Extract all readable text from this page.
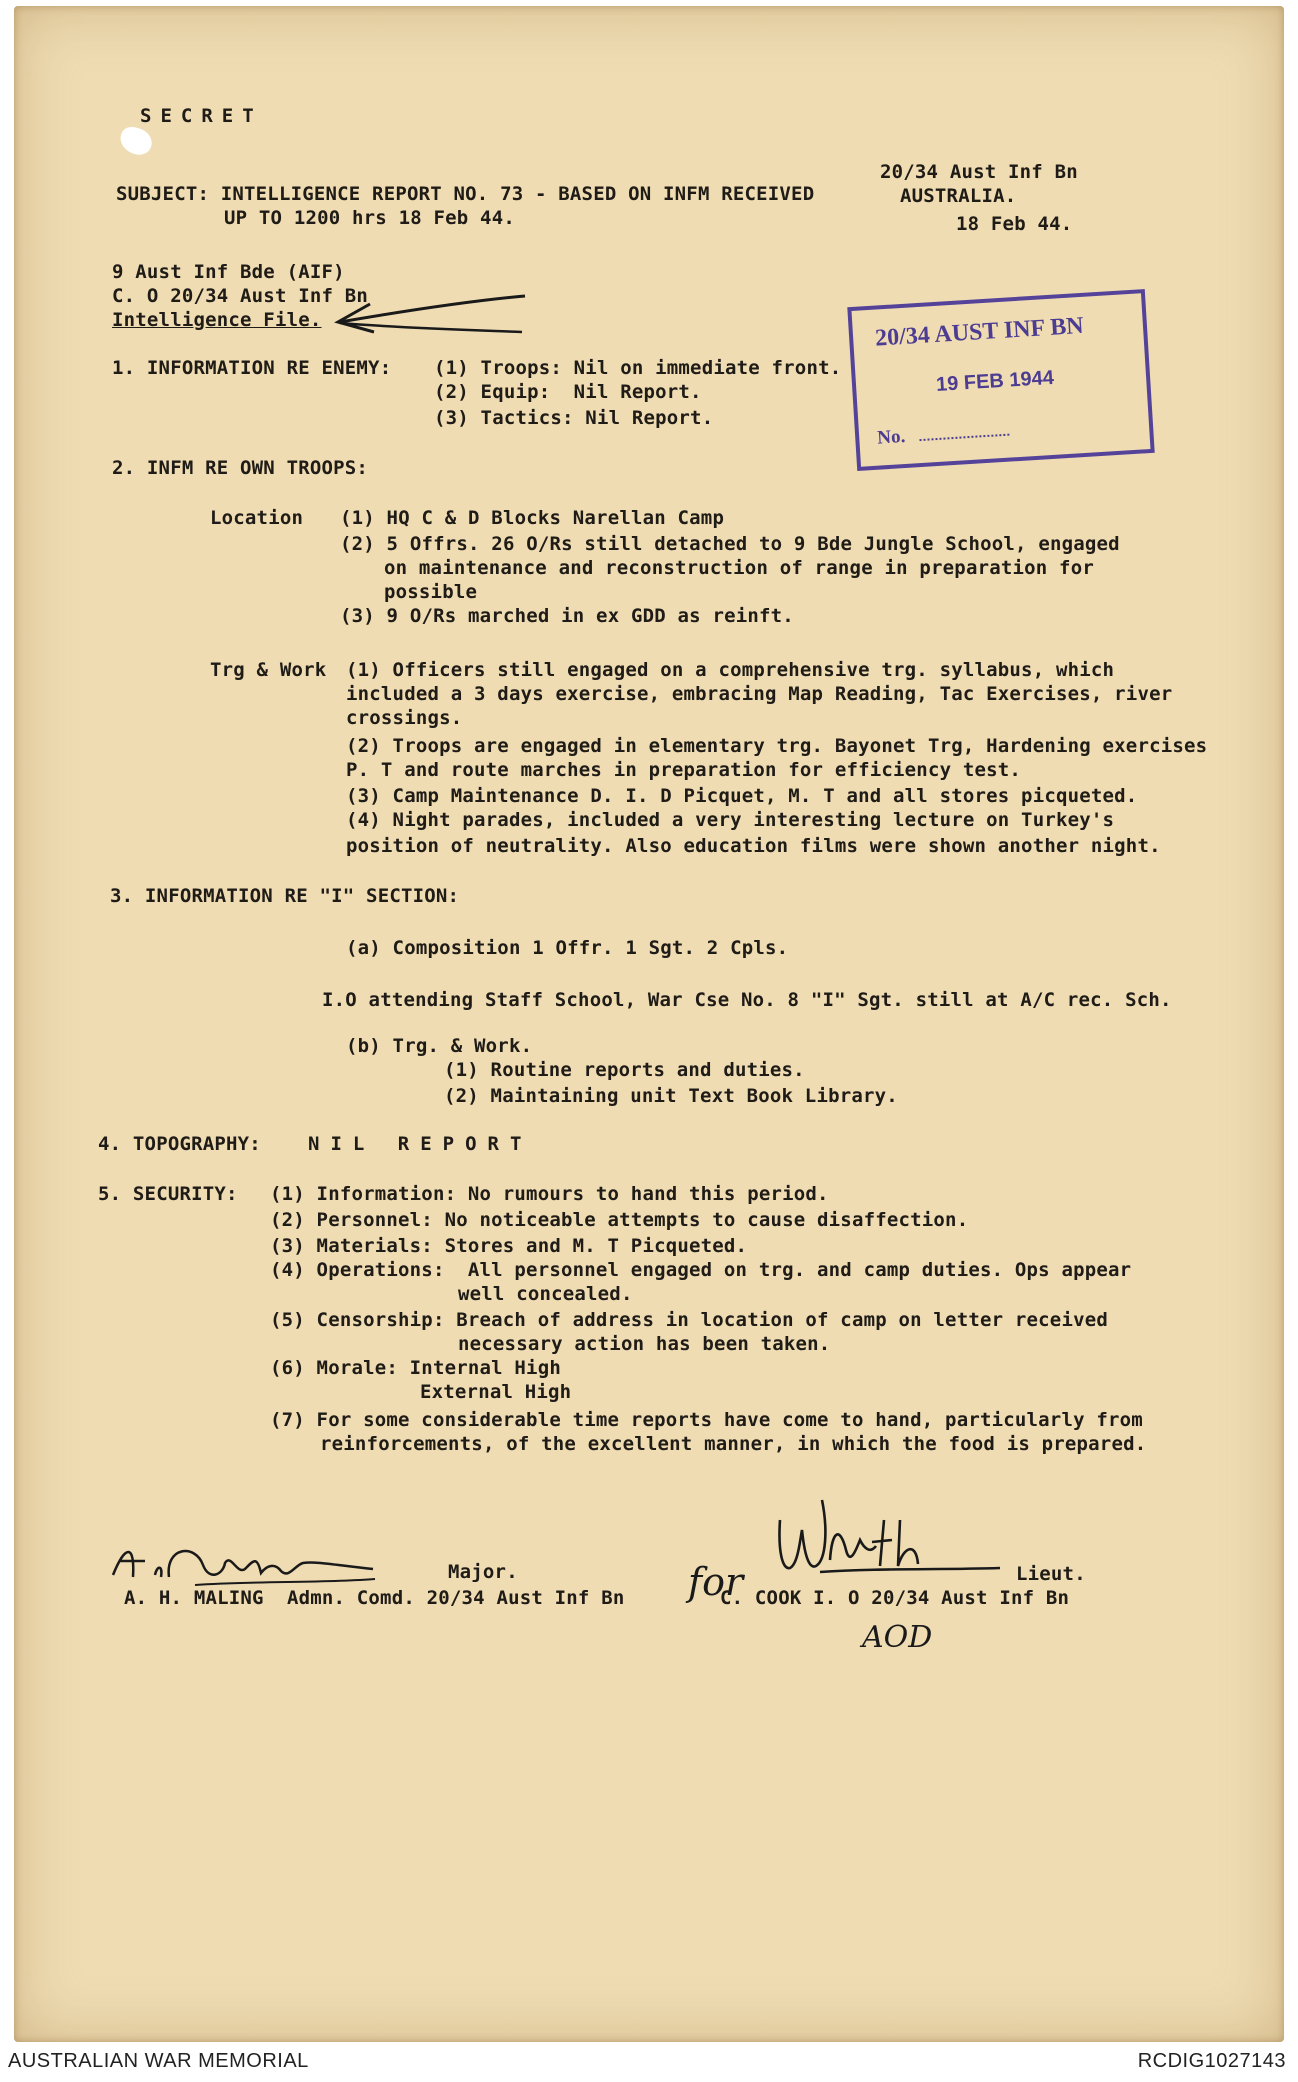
SECRET
SUBJECT: INTELLIGENCE REPORT NO. 73 - BASED ON INFM RECEIVED
UP TO 1200 hrs 18 Feb 44.
20/34 Aust Inf Bn
AUSTRALIA.
18 Feb 44.
9 Aust Inf Bde (AIF)
C. O 20/34 Aust Inf Bn
Intelligence File.	20/34 AUST INF BN
19 FEB 1944
No.
1. INFORMATION RE ENEMY: (1) Troops: Nil on immediate front.
(2) Equip:  Nil Report.
(3) Tactics: Nil Report.
2. INFM RE OWN TROOPS:
Location (1) HQ C & D Blocks Narellan Camp
(2) 5 Offrs. 26 O/Rs still detached to 9 Bde Jungle School, engaged
on maintenance and reconstruction of range in preparation for
possible
(3) 9 O/Rs marched in ex GDD as reinft.
Trg & Work (1) Officers still engaged on a comprehensive trg. syllabus, which
included a 3 days exercise, embracing Map Reading, Tac Exercises, river
crossings.
(2) Troops are engaged in elementary trg. Bayonet Trg, Hardening exercises
P. T and route marches in preparation for efficiency test.
(3) Camp Maintenance D. I. D Picquet, M. T and all stores picqueted.
(4) Night parades, included a very interesting lecture on Turkey's
position of neutrality. Also education films were shown another night.
3. INFORMATION RE "I" SECTION:
(a) Composition 1 Offr. 1 Sgt. 2 Cpls.
I.O attending Staff School, War Cse No. 8 "I" Sgt. still at A/C rec. Sch.
(b) Trg. & Work.
(1) Routine reports and duties.
(2) Maintaining unit Text Book Library.
4. TOPOGRAPHY: NIL REPORT
5. SECURITY: (1) Information: No rumours to hand this period.
(2) Personnel: No noticeable attempts to cause disaffection.
(3) Materials: Stores and M. T Picqueted.
(4) Operations:  All personnel engaged on trg. and camp duties. Ops appear
well concealed.
(5) Censorship: Breach of address in location of camp on letter received
necessary action has been taken.
(6) Morale: Internal High
External High
(7) For some considerable time reports have come to hand, particularly from
reinforcements, of the excellent manner, in which the food is prepared.
Major.
A. H. MALING  Admn. Comd. 20/34 Aust Inf Bn for	Lieut.
C. COOK I. O 20/34 Aust Inf Bn
AOD
AUSTRALIAN WAR MEMORIAL	RCDIG1027143
